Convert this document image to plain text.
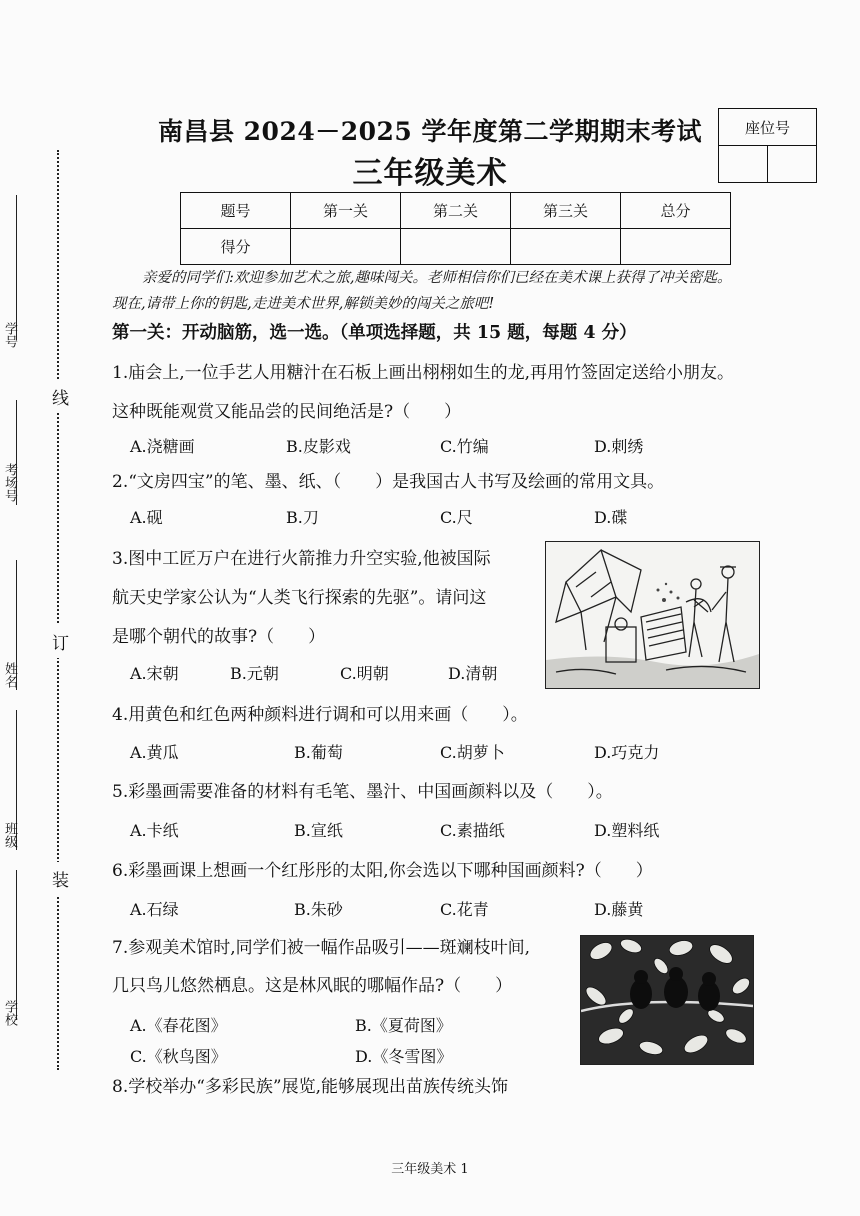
学号
考场号
姓名
班级
学校
线
订
装
座位号

南昌县 2024－2025 学年度第二学期期末考试
三年级美术
题号	第一关	第二关	第三关	总分
得分				
亲爱的同学们:欢迎参加艺术之旅,趣味闯关。老师相信你们已经在美术课上获得了冲关密匙。
现在,请带上你的钥匙,走进美术世界,解锁美妙的闯关之旅吧!
第一关：开动脑筋，选一选。（单项选择题，共 15 题，每题 4 分）
1.庙会上,一位手艺人用糖汁在石板上画出栩栩如生的龙,再用竹签固定送给小朋友。
这种既能观赏又能品尝的民间绝活是?（　　）
A.浇糖画	B.皮影戏	C.竹编	D.刺绣
2.“文房四宝”的笔、墨、纸、（　　）是我国古人书写及绘画的常用文具。
A.砚	B.刀	C.尺	D.碟
3.图中工匠万户在进行火箭推力升空实验,他被国际
航天史学家公认为“人类飞行探索的先驱”。请问这
是哪个朝代的故事?（　　）
A.宋朝	B.元朝	C.明朝	D.清朝
4.用黄色和红色两种颜料进行调和可以用来画（　　）。
A.黄瓜	B.葡萄	C.胡萝卜	D.巧克力
5.彩墨画需要准备的材料有毛笔、墨汁、中国画颜料以及（　　）。
A.卡纸	B.宣纸	C.素描纸	D.塑料纸
6.彩墨画课上想画一个红彤彤的太阳,你会选以下哪种国画颜料?（　　）
A.石绿	B.朱砂	C.花青	D.藤黄
7.参观美术馆时,同学们被一幅作品吸引——斑斓枝叶间,
几只鸟儿悠然栖息。这是林风眠的哪幅作品?（　　）
A.《春花图》	B.《夏荷图》
C.《秋鸟图》	D.《冬雪图》
8.学校举办“多彩民族”展览,能够展现出苗族传统头饰
三年级美术 1
